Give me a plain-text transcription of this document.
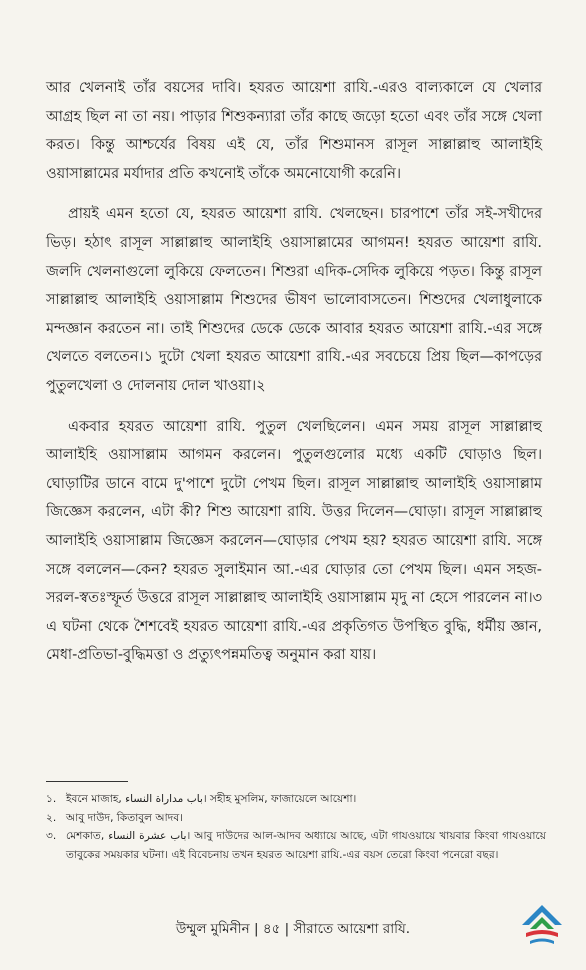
আর খেলনাই তাঁর বয়সের দাবি। হযরত আয়েশা রাযি.-এরও বাল্যকালে যে খেলার আগ্রহ ছিল না তা নয়। পাড়ার শিশুকন্যারা তাঁর কাছে জড়ো হতো এবং তাঁর সঙ্গে খেলা করত। কিন্তু আশ্চর্যের বিষয় এই যে, তাঁর শিশুমানস রাসূল সাল্লাল্লাহু আলাইহি ওয়াসাল্লামের মর্যাদার প্রতি কখনোই তাঁকে অমনোযোগী করেনি।

প্রায়ই এমন হতো যে, হযরত আয়েশা রাযি. খেলছেন। চারপাশে তাঁর সই-সখীদের ভিড়। হঠাৎ রাসূল সাল্লাল্লাহু আলাইহি ওয়াসাল্লামের আগমন! হযরত আয়েশা রাযি. জলদি খেলনাগুলো লুকিয়ে ফেলতেন। শিশুরা এদিক-সেদিক লুকিয়ে পড়ত। কিন্তু রাসূল সাল্লাল্লাহু আলাইহি ওয়াসাল্লাম শিশুদের ভীষণ ভালোবাসতেন। শিশুদের খেলাধুলাকে মন্দজ্ঞান করতেন না। তাই শিশুদের ডেকে ডেকে আবার হযরত আয়েশা রাযি.-এর সঙ্গে খেলতে বলতেন।১ দুটো খেলা হযরত আয়েশা রাযি.-এর সবচেয়ে প্রিয় ছিল—কাপড়ের পুতুলখেলা ও দোলনায় দোল খাওয়া।২

একবার হযরত আয়েশা রাযি. পুতুল খেলছিলেন। এমন সময় রাসূল সাল্লাল্লাহু আলাইহি ওয়াসাল্লাম আগমন করলেন। পুতুলগুলোর মধ্যে একটি ঘোড়াও ছিল। ঘোড়াটির ডানে বামে দু'পাশে দুটো পেখম ছিল। রাসূল সাল্লাল্লাহু আলাইহি ওয়াসাল্লাম জিজ্ঞেস করলেন, এটা কী? শিশু আয়েশা রাযি. উত্তর দিলেন—ঘোড়া। রাসূল সাল্লাল্লাহু আলাইহি ওয়াসাল্লাম জিজ্ঞেস করলেন—ঘোড়ার পেখম হয়? হযরত আয়েশা রাযি. সঙ্গে সঙ্গে বললেন—কেন? হযরত সুলাইমান আ.-এর ঘোড়ার তো পেখম ছিল। এমন সহজ-সরল-স্বতঃস্ফূর্ত উত্তরে রাসূল সাল্লাল্লাহু আলাইহি ওয়াসাল্লাম মৃদু না হেসে পারলেন না।৩ এ ঘটনা থেকে শৈশবেই হযরত আয়েশা রাযি.-এর প্রকৃতিগত উপস্থিত বুদ্ধি, ধর্মীয় জ্ঞান, মেধা-প্রতিভা-বুদ্ধিমত্তা ও প্রত্যুৎপন্নমতিত্ব অনুমান করা যায়।

১. ইবনে মাজাহ, باب مداراة النساء। সহীহ মুসলিম, ফাজায়েলে আয়েশা।
২. আবু দাউদ, কিতাবুল আদব।
৩. মেশকাত, باب عشرة النساء। আবু দাউদের আল-আদব অধ্যায়ে আছে, এটা গাযওয়ায়ে খায়বার কিংবা গাযওয়ায়ে তাবুকের সময়কার ঘটনা। এই বিবেচনায় তখন হযরত আয়েশা রাযি.-এর বয়স তেরো কিংবা পনেরো বছর।
উম্মুল মুমিনীন | ৪৫ | সীরাতে আয়েশা রাযি.
